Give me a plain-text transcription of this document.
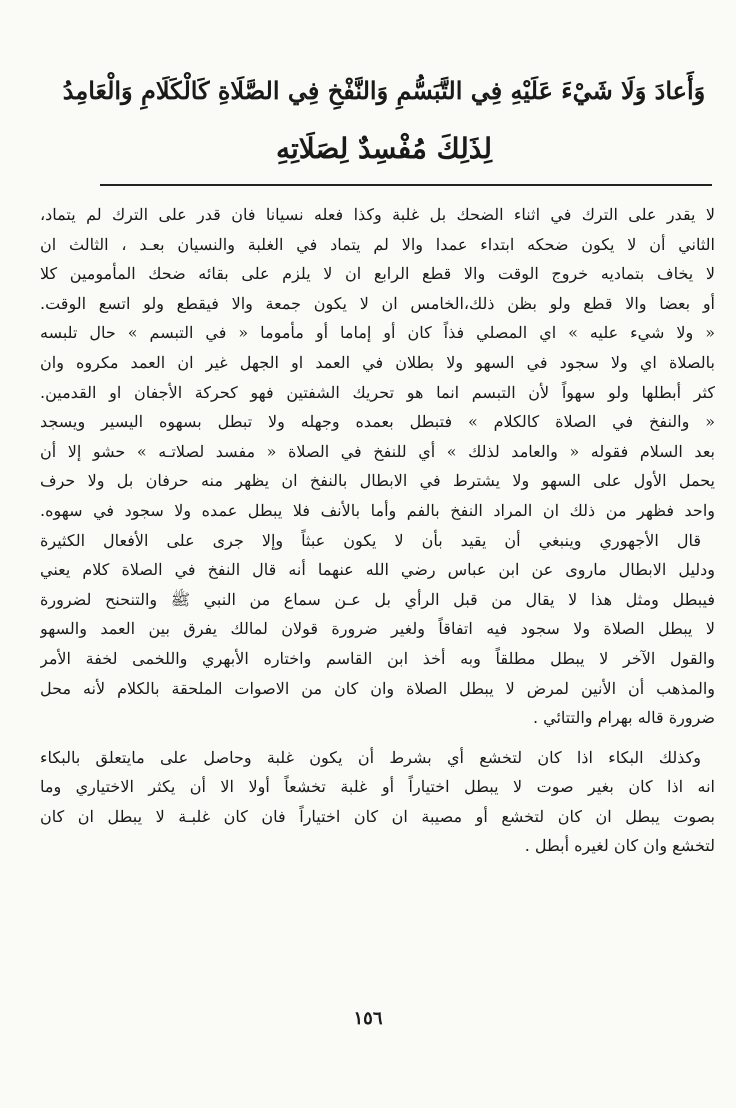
وَأَعادَ وَلَا شَيْءَ عَلَيْهِ فِي التَّبَسُّمِ وَالنَّفْخِ فِي الصَّلَاةِ كَالْكَلَامِ وَالْعَامِدُ
لِذَلِكَ مُفْسِدٌ لِصَلَاتِهِ
لا يقدر على الترك في اثناء الضحك بل غلبة وكذا فعله نسيانا فان قدر على الترك لم يتماد،
الثاني أن لا يكون ضحكه ابتداء عمدا والا لم يتماد في الغلبة والنسيان بعـد ، الثالث ان
لا يخاف بتماديه خروج الوقت والا قطع الرابع ان لا يلزم على بقائه ضحك المأمومين كلا
أو بعضا والا قطع ولو بظن ذلك،الخامس ان لا يكون جمعة والا فيقطع ولو اتسع الوقت.
« ولا شيء عليه » اي المصلي فذاً كان أو إماما أو مأموما « في التبسم » حال تلبسه
بالصلاة اي ولا سجود في السهو ولا بطلان في العمد او الجهل غير ان العمد مكروه وان
كثر أبطلها ولو سهواً لأن التبسم انما هو تحريك الشفتين فهو كحركة الأجفان او القدمين.
« والنفخ في الصلاة كالكلام » فتبطل بعمده وجهله ولا تبطل بسهوه اليسير ويسجد
بعد السلام فقوله « والعامد لذلك » أي للنفخ في الصلاة « مفسد لصلاتـه » حشو إلا أن
يحمل الأول على السهو ولا يشترط في الابطال بالنفخ ان يظهر منه حرفان بل ولا حرف
واحد فظهر من ذلك ان المراد النفخ بالفم وأما بالأنف فلا يبطل عمده ولا سجود في سهوه.
قال الأجهوري وينبغي أن يقيد بأن لا يكون عبثاً وإلا جرى على الأفعال الكثيرة
ودليل الابطال ماروى عن ابن عباس رضي الله عنهما أنه قال النفخ في الصلاة كلام يعني
فيبطل ومثل هذا لا يقال من قبل الرأي بل عـن سماع من النبي ﷺ والتنحنح لضرورة
لا يبطل الصلاة ولا سجود فيه اتفاقاً ولغير ضرورة قولان لمالك يفرق بين العمد والسهو
والقول الآخر لا يبطل مطلقاً وبه أخذ ابن القاسم واختاره الأبهري واللخمى لخفة الأمر
والمذهب أن الأنين لمرض لا يبطل الصلاة وان كان من الاصوات الملحقة بالكلام لأنه محل
ضرورة قاله بهرام والتتائي .
وكذلك البكاء اذا كان لتخشع أي بشرط أن يكون غلبة وحاصل على مايتعلق بالبكاء
انه اذا كان بغير صوت لا يبطل اختياراً أو غلبة تخشعاً أولا الا أن يكثر الاختياري وما
بصوت يبطل ان كان لتخشع أو مصيبة ان كان اختياراً فان كان غلبـة لا يبطل ان كان
لتخشع وان كان لغيره أبطل .
١٥٦
